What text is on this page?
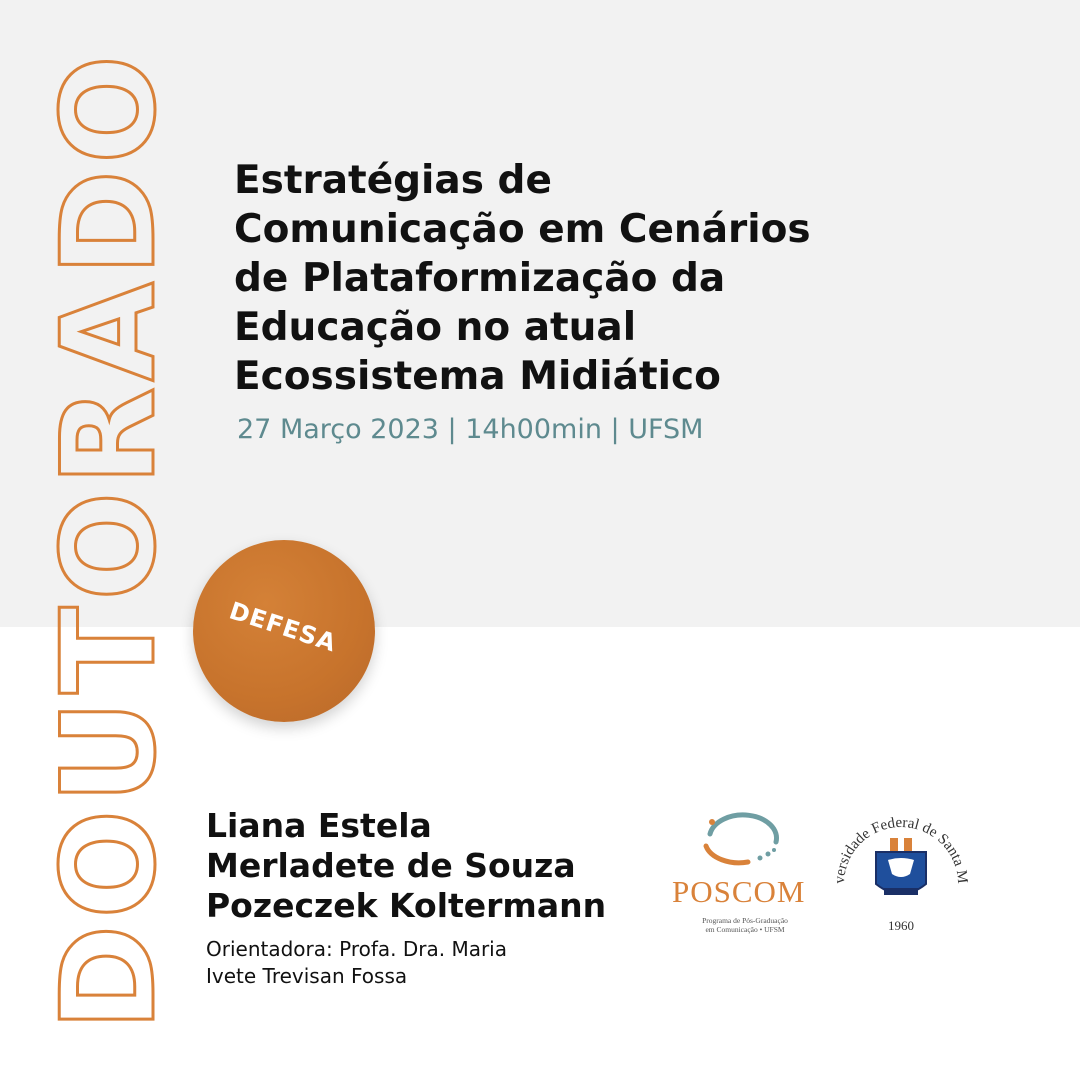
DOUTORADO Estratégias de
Comunicação em Cenários
de Plataformização da
Educação no atual
Ecossistema Midiático
27 Março 2023 | 14h00min | UFSM
DEFESA
Liana Estela
Merladete de Souza
Pozeczek Koltermann
Orientadora: Profa. Dra. Maria
Ivete Trevisan Fossa
POSCOM
Programa de Pós-Graduação
em Comunicação • UFSM
versidade Federal de Santa M
1960
